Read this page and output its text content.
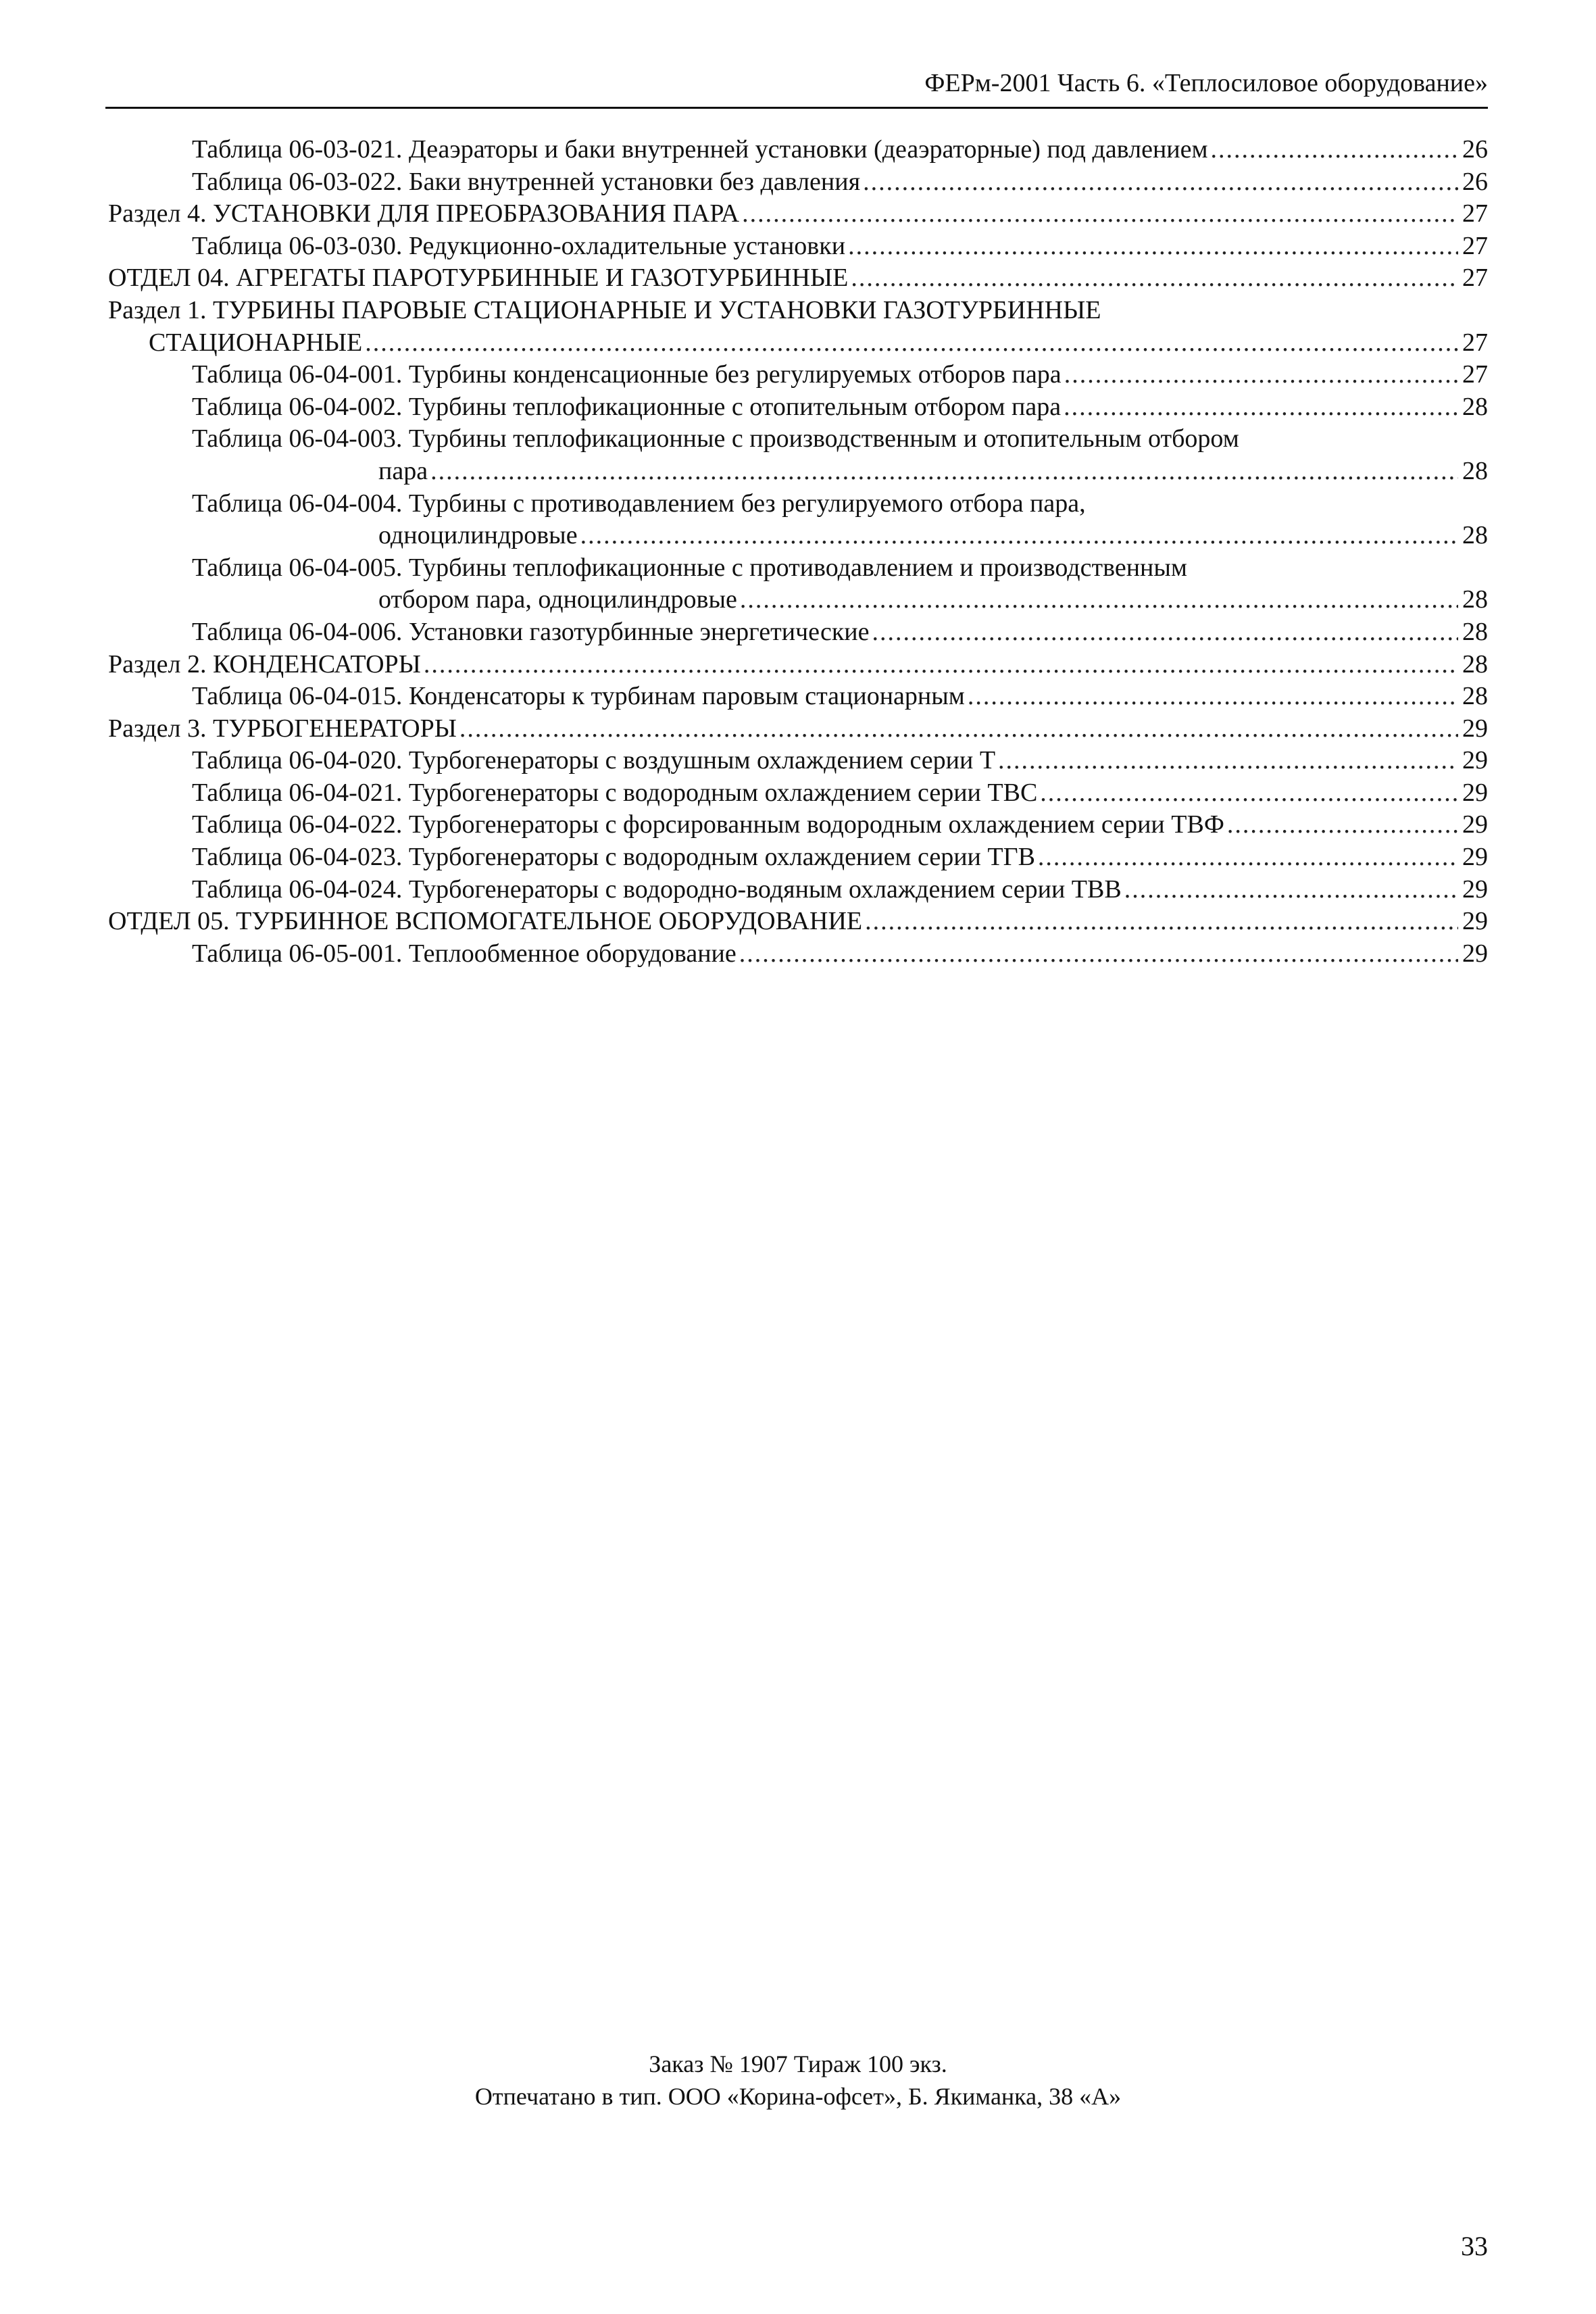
ФЕРм-2001 Часть 6. «Теплосиловое оборудование»
Таблица 06-03-021. Деаэраторы и баки внутренней установки (деаэраторные) под давлением .....	26
Таблица 06-03-022. Баки внутренней установки без давления .....	26
Раздел 4. УСТАНОВКИ ДЛЯ ПРЕОБРАЗОВАНИЯ ПАРА .....	27
Таблица 06-03-030. Редукционно-охладительные установки .....	27
ОТДЕЛ 04. АГРЕГАТЫ ПАРОТУРБИННЫЕ И ГАЗОТУРБИННЫЕ .....	27
Раздел 1. ТУРБИНЫ ПАРОВЫЕ СТАЦИОНАРНЫЕ И УСТАНОВКИ ГАЗОТУРБИННЫЕ
СТАЦИОНАРНЫЕ .....	27
Таблица 06-04-001. Турбины конденсационные без регулируемых отборов пара .....	27
Таблица 06-04-002. Турбины теплофикационные с отопительным отбором пара .....	28
Таблица 06-04-003. Турбины теплофикационные с производственным и отопительным отбором
пара .....	28
Таблица 06-04-004. Турбины с противодавлением без регулируемого отбора пара,
одноцилиндровые .....	28
Таблица 06-04-005. Турбины теплофикационные с противодавлением и производственным
отбором пара, одноцилиндровые .....	28
Таблица 06-04-006. Установки газотурбинные энергетические .....	28
Раздел 2. КОНДЕНСАТОРЫ .....	28
Таблица 06-04-015. Конденсаторы к турбинам паровым стационарным .....	28
Раздел 3. ТУРБОГЕНЕРАТОРЫ .....	29
Таблица 06-04-020. Турбогенераторы с воздушным охлаждением серии Т .....	29
Таблица 06-04-021. Турбогенераторы с водородным охлаждением серии ТВС .....	29
Таблица 06-04-022. Турбогенераторы с форсированным водородным охлаждением серии ТВФ .....	29
Таблица 06-04-023. Турбогенераторы с водородным охлаждением серии ТГВ .....	29
Таблица 06-04-024. Турбогенераторы с водородно-водяным охлаждением серии ТВВ .....	29
ОТДЕЛ 05. ТУРБИННОЕ ВСПОМОГАТЕЛЬНОЕ ОБОРУДОВАНИЕ .....	29
Таблица 06-05-001. Теплообменное оборудование .....	29
Заказ № 1907 Тираж 100 экз.
Отпечатано в тип. ООО «Корина-офсет», Б. Якиманка, 38 «А»
33
